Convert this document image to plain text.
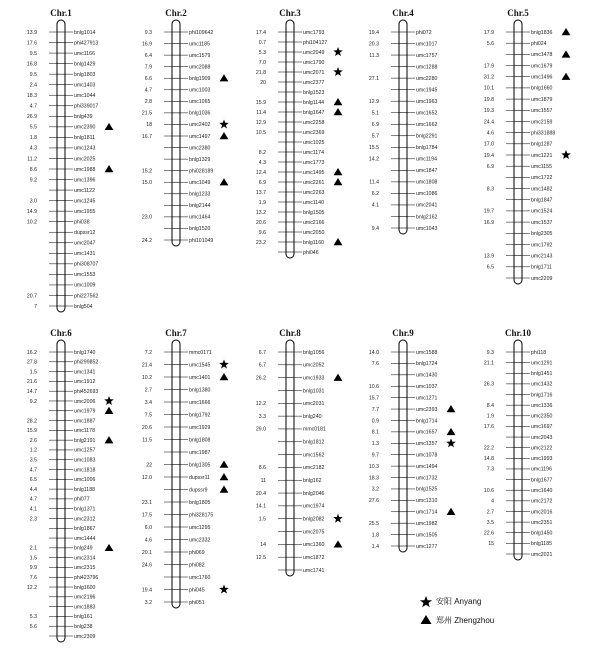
Chr.1
bnlg1014
13.9
phi427913
17.6
umc1166
9.5
bnlg1429
16.8
bnlg1803
9.5
umc1403
2.4
umc1044
18.3
phi339017
4.7
bnlg439
26.9
umc2390
5.5
bnlg1811
1.8
umc1243
4.3
umc2025
11.2
umc1988
8.6
umc1396
9.2
umc1122
umc1245
3.0
umc1955
14.9
phi038
10.2
dupssr12
umc2047
umc1431
phi308707
umc1553
umc1009
phi227562
20.7
bnlg504
7
Chr.2
phi109642
9.3
umc1185
16.9
umc1579
6.4
umc2088
7.9
bnlg1909
6.6
umc1003
4.7
umc1065
2.8
bnlg1036
21.5
umc2402
18
umc1497
16.7
umc2380
bnlg1329
phi028189
15.2
umc1049
15.0
bnlg1233
bnlg2144
umc1464
23.0
bnlg1520
phi101049
24.2
Chr.3
umc1793
17.4
phi104127
0.7
umc2049
5.3
umc1790
7.0
umc2071
21.8
umc2377
20
bnlg1523
bnlg1144
15.9
bnlg1647
11.4
umc2258
12.9
umc2369
10.5
umc1025
umc1174
8.2
umc1773
4.3
umc1495
12.4
umc2261
6.9
umc2263
13.7
umc1140
1.9
bnlg1505
13.2
umc2166
20.6
umc2050
9.6
bnlg1160
23.2
phi046
Chr.4
phi072
19.4
umc1017
20.3
umc1757
11.3
umc1288
umc2280
27.1
umc1945
umc1963
12.9
umc1652
5.1
umc1662
6.9
bnlg2291
5.7
bnlg1784
15.5
umc1194
14.2
umc1847
umc1808
11.4
umc1086
6.2
umc2041
4.1
bnlg2162
umc1043
9.4
Chr.5
bnlg1836
17.9
phi024
5.6
umc1478
umc1679
17.9
umc1496
31.2
bnlg1660
10.1
umc1879
19.8
umc1557
19.3
umc2159
24.4
phi331888
4.6
bnlg1287
17.0
umc1221
19.4
umc1155
6.9
umc1722
umc1482
8.3
bnlg1847
umc1524
19.7
umc1537
16.9
bnlg2305
umc1792
umc2143
13.9
bnlg1711
6.5
umc2209
Chr.6
bnlg1740
16.2
phi299852
27.8
umc1341
1.5
umc1912
21.6
phi452693
14.7
umc2006
9.2
umc1979
umc1887
28.2
umc1178
15.9
bnlg2191
2.6
umc1257
1.2
umc1083
3.5
umc1818
4.7
umc1006
6.5
bnlg1188
4.4
phi077
4.7
bnlg1371
4.1
umc2312
2.3
bnlg1867
umc1444
bnlg249
2.1
umc2314
1.5
umc2315
9.9
phi423796
7.6
bnlg1600
12.2
umc2196
umc1883
bnlg161
5.3
bnlg238
5.6
umc2309
Chr.7
mmc0171
7.2
umc1545
21.4
umc1401
10.2
bnlg1380
2.7
umc1666
3.4
bnlg1792
7.5
umc1929
20.6
bnlg1808
11.5
umc1987
bnlg1305
22
dupssr11
12.0
dupssr9
bnlg1805
23.1
phi328175
17.5
umc1295
6.0
umc2332
4.6
phi069
20.1
phi082
24.6
umc1760
phi045
19.4
phi051
3.2
Chr.8
bnlg1056
6.7
umc2052
6.7
umc1933
26.2
bnlg1031
umc2031
12.2
bnlg240
3.3
mmc0181
29.0
bnlg1812
umc1562
umc2182
8.6
bnlg162
11
bnlg2046
20.4
umc1974
14.1
bnlg2082
1.5
umc2075
umc1360
14
umc1872
12.5
umc1741
Chr.9
umc1588
14.0
bnlg1724
7.6
umc1430
umc1037
10.6
umc1271
15.7
umc2393
7.7
bnlg1714
0.9
umc1657
8.1
umc1357
1.3
umc1078
9.7
umc1494
10.3
umc1732
18.3
bnlg1525
3.2
umc1310
27.6
umc1714
umc1982
25.5
umc1505
1.8
umc1277
1.4
Chr.10
phi118
9.3
umc1291
21.1
bnlg1451
umc1432
26.3
bnlg1716
umc1336
8.4
umc2350
1.9
umc1697
17.6
umc2043
umc2122
22.2
umc1993
14.8
umc1196
7.3
bnlg1677
umc1640
10.6
umc2172
4
umc2016
2.7
umc2351
3.5
bnlg1450
22.6
bnlg1185
15
umc2021
安阳 Anyang
郑州 Zhengzhou
